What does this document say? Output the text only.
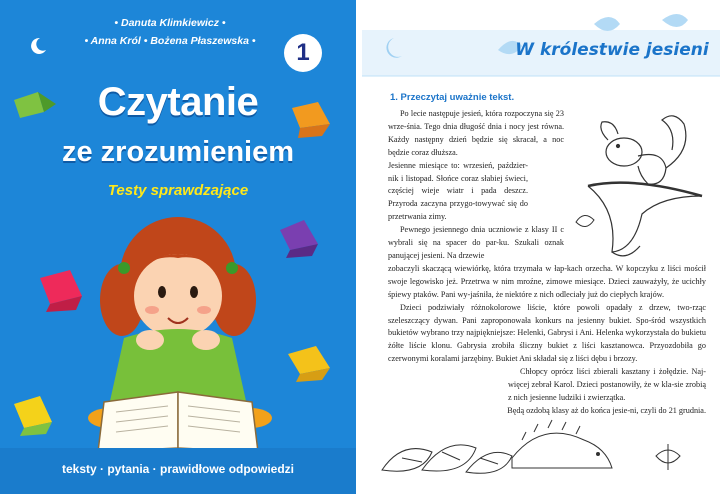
• Danuta Klimkiewicz •
• Anna Król • Bożena Płaszewska •	1
Czytanie
ze zrozumieniem
Testy sprawdzające
teksty · pytania · prawidłowe odpowiedzi
W królestwie jesieni
1. Przeczytaj uważnie tekst.

Po lecie następuje jesień, która rozpoczyna się 23 wrze-śnia. Tego dnia długość dnia i nocy jest równa. Każdy następny dzień będzie się skracał, a noc będzie coraz dłuższa.

Jesienne miesiące to: wrzesień, paździer-nik i listopad. Słońce coraz słabiej świeci, częściej wieje wiatr i pada deszcz. Przyroda zaczyna przygo-towywać się do przetrwania zimy.

Pewnego jesiennego dnia uczniowie z klasy II c wybrali się na spacer do par-ku. Szukali oznak panującej jesieni. Na drzewie

zobaczyli skaczącą wiewiórkę, która trzymała w łap-kach orzecha. W kopczyku z liści mościł swoje legowisko jeż. Przetrwa w nim mroźne, zimowe miesiące. Dzieci zauważyły, że ucichły śpiewy ptaków. Pani wy-jaśniła, że niektóre z nich odleciały już do ciepłych krajów.

Dzieci podziwiały różnokolorowe liście, które powoli opadały z drzew, two-rząc szeleszczący dywan. Pani zaproponowała konkurs na jesienny bukiet. Spo-śród wszystkich bukietów wybrano trzy najpiękniejsze: Helenki, Gabrysi i Ani. Helenka wykorzystała do bukietu żółte liście klonu. Gabrysia zrobiła śliczny bukiet z liści kasztanowca. Przyozdobiła go czerwonymi koralami jarzębiny. Bukiet Ani składał się z liści dębu i brzozy.

Chłopcy oprócz liści zbierali kasztany i żołędzie. Naj-więcej zebrał Karol. Dzieci postanowiły, że w kla-sie zrobią z nich jesienne ludziki i zwierzątka.

Będą ozdobą klasy aż do końca jesie-ni, czyli do 21 grudnia.
